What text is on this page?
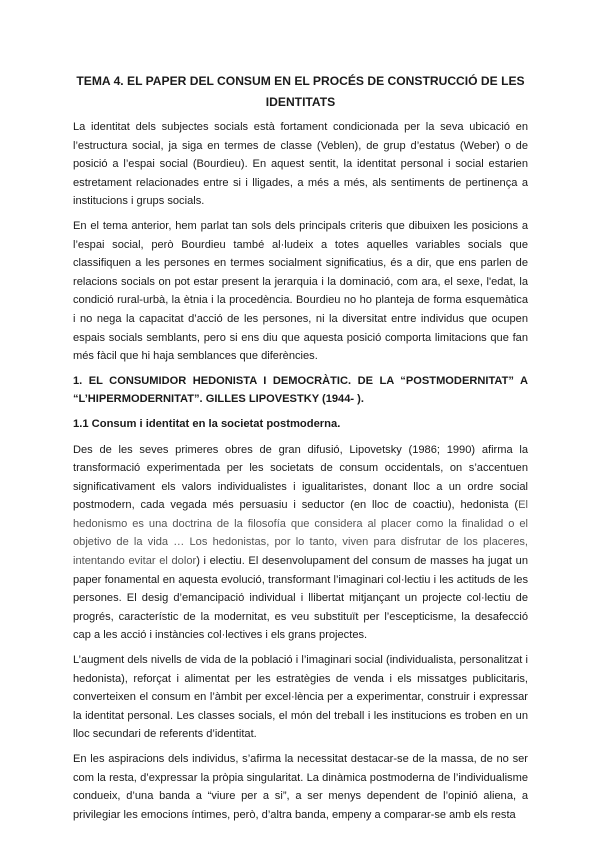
TEMA 4. EL PAPER DEL CONSUM EN EL PROCÉS DE CONSTRUCCIÓ DE LES IDENTITATS

La identitat dels subjectes socials està fortament condicionada per la seva ubicació en l’estructura social, ja siga en termes de classe (Veblen), de grup d’estatus (Weber) o de posició a l’espai social (Bourdieu). En aquest sentit, la identitat personal i social estarien estretament relacionades entre si i lligades, a més a més, als sentiments de pertinença a institucions i grups socials.

En el tema anterior, hem parlat tan sols dels principals criteris que dibuixen les posicions a l’espai social, però Bourdieu també al·ludeix a totes aquelles variables socials que classifiquen a les persones en termes socialment significatius, és a dir, que ens parlen de relacions socials on pot estar present la jerarquia i la dominació, com ara, el sexe, l'edat, la condició rural-urbà, la ètnia i la procedència. Bourdieu no ho planteja de forma esquemàtica i no nega la capacitat d’acció de les persones, ni la diversitat entre individus que ocupen espais socials semblants, pero si ens diu que aquesta posició comporta limitacions que fan més fàcil que hi haja semblances que diferències.

1. EL CONSUMIDOR HEDONISTA I DEMOCRÀTIC. DE LA “POSTMODERNITAT” A “L’HIPERMODERNITAT”. GILLES LIPOVESTKY (1944- ).
1.1 Consum i identitat en la societat postmoderna.

Des de les seves primeres obres de gran difusió, Lipovetsky (1986; 1990) afirma la transformació experimentada per les societats de consum occidentals, on s’accentuen significativament els valors individualistes i igualitaristes, donant lloc a un ordre social postmodern, cada vegada més persuasiu i seductor (en lloc de coactiu), hedonista (El hedonismo es una doctrina de la filosofía que considera al placer como la finalidad o el objetivo de la vida … Los hedonistas, por lo tanto, viven para disfrutar de los placeres, intentando evitar el dolor) i electiu. El desenvolupament del consum de masses ha jugat un paper fonamental en aquesta evolució, transformant l’imaginari col·lectiu i les actituds de les persones. El desig d’emancipació individual i llibertat mitjançant un projecte col·lectiu de progrés, característic de la modernitat, es veu substituït per l’escepticisme, la desafecció cap a les acció i instàncies col·lectives i els grans projectes.

L’augment dels nivells de vida de la població i l’imaginari social (individualista, personalitzat i hedonista), reforçat i alimentat per les estratègies de venda i els missatges publicitaris, converteixen el consum en l’àmbit per excel·lència per a experimentar, construir i expressar la identitat personal. Les classes socials, el món del treball i les institucions es troben en un lloc secundari de referents d’identitat.

En les aspiracions dels individus, s’afirma la necessitat destacar-se de la massa, de no ser com la resta, d’expressar la pròpia singularitat. La dinàmica postmoderna de l’individualisme condueix, d’una banda a “viure per a si”, a ser menys dependent de l’opinió aliena, a privilegiar les emocions íntimes, però, d’altra banda, empeny a comparar-se amb els resta
